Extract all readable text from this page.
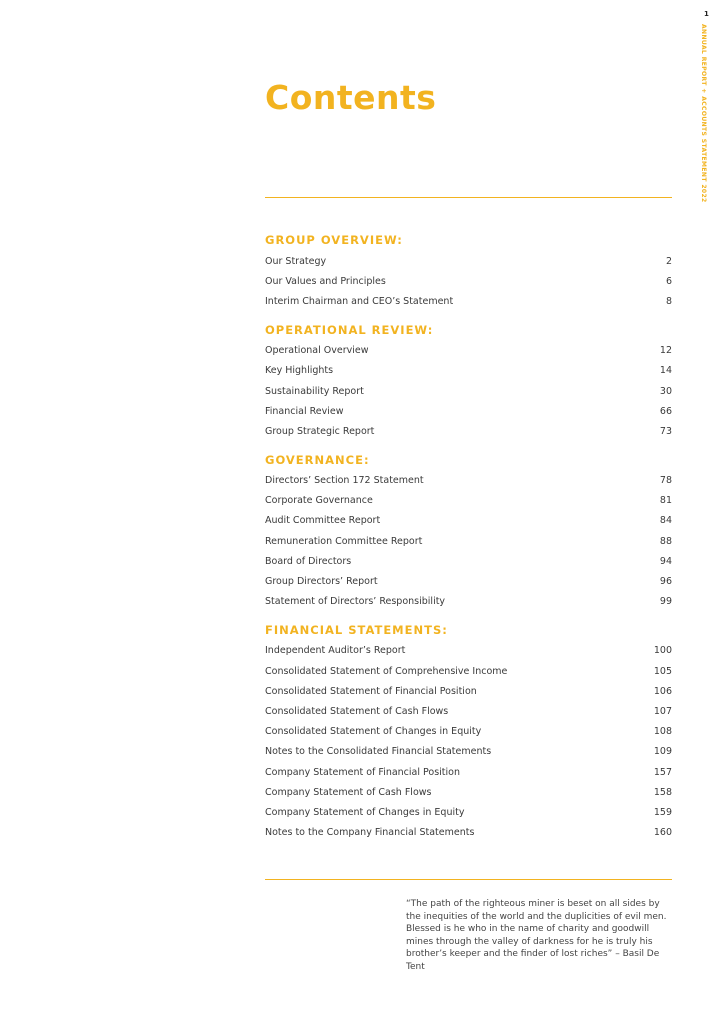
1
ANNUAL REPORT + ACCOUNTS STATEMENT 2022
Contents
GROUP OVERVIEW:
Our Strategy	2
Our Values and Principles	6
Interim Chairman and CEO’s Statement	8
OPERATIONAL REVIEW:
Operational Overview	12
Key Highlights	14
Sustainability Report	30
Financial Review	66
Group Strategic Report	73
GOVERNANCE:
Directors’ Section 172 Statement	78
Corporate Governance	81
Audit Committee Report	84
Remuneration Committee Report	88
Board of Directors	94
Group Directors’ Report	96
Statement of Directors’ Responsibility	99
FINANCIAL STATEMENTS:
Independent Auditor’s Report	100
Consolidated Statement of Comprehensive Income	105
Consolidated Statement of Financial Position	106
Consolidated Statement of Cash Flows	107
Consolidated Statement of Changes in Equity	108
Notes to the Consolidated Financial Statements	109
Company Statement of Financial Position	157
Company Statement of Cash Flows	158
Company Statement of Changes in Equity	159
Notes to the Company Financial Statements	160
“The path of the righteous miner is beset on all sides by the inequities of the world and the duplicities of evil men. Blessed is he who in the name of charity and goodwill mines through the valley of darkness for he is truly his brother’s keeper and the finder of lost riches” – Basil De Tent
